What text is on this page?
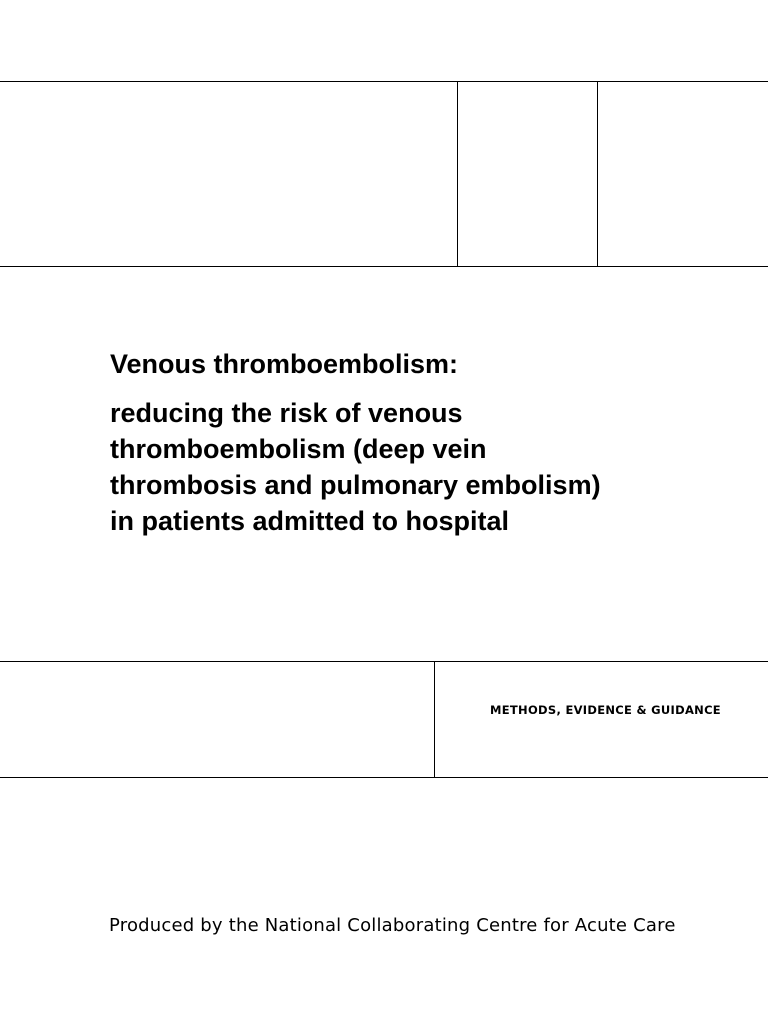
Venous thromboembolism:
reducing the risk of venous
thromboembolism (deep vein
thrombosis and pulmonary embolism)
in patients admitted to hospital
METHODS, EVIDENCE & GUIDANCE
Produced by the National Collaborating Centre for Acute Care
